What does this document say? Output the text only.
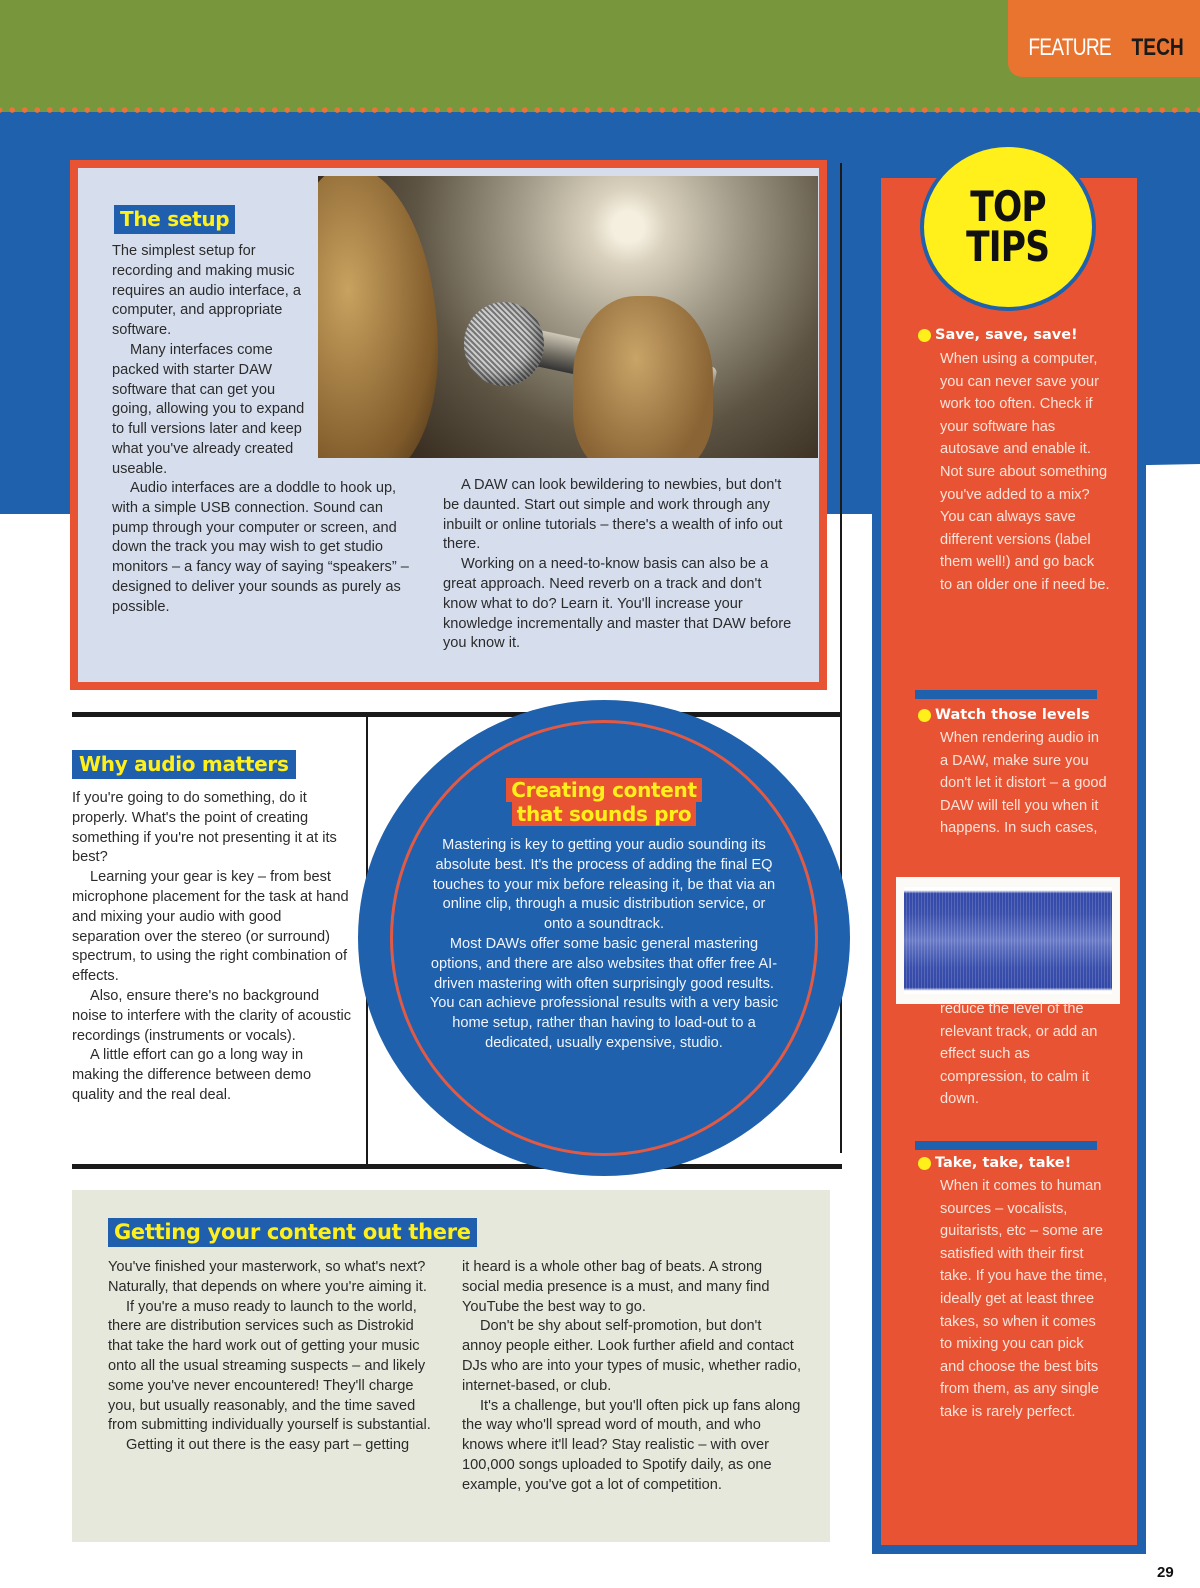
FEATURE TECH
The setup

The simplest setup for recording and making music requires an audio interface, a computer, and appropriate software.

Many interfaces come packed with starter DAW software that can get you going, allowing you to expand to full versions later and keep what you've already created useable.

Audio interfaces are a doddle to hook up, with a simple USB connection. Sound can pump through your computer or screen, and down the track you may wish to get studio monitors – a fancy way of saying “speakers” – designed to deliver your sounds as purely as possible.

A DAW can look bewildering to newbies, but don't be daunted. Start out simple and work through any inbuilt or online tutorials – there's a wealth of info out there.

Working on a need-to-know basis can also be a great approach. Need reverb on a track and don't know what to do? Learn it. You'll increase your knowledge incrementally and master that DAW before you know it.

Why audio matters

If you're going to do something, do it properly. What's the point of creating something if you're not presenting it at its best?

Learning your gear is key – from best microphone placement for the task at hand and mixing your audio with good separation over the stereo (or surround) spectrum, to using the right combination of effects.

Also, ensure there's no background noise to interfere with the clarity of acoustic recordings (instruments or vocals).

A little effort can go a long way in making the difference between demo quality and the real deal.

Creating content
that sounds pro

Mastering is key to getting your audio sounding its absolute best. It's the process of adding the final EQ touches to your mix before releasing it, be that via an online clip, through a music distribution service, or onto a soundtrack.

Most DAWs offer some basic general mastering options, and there are also websites that offer free AI-driven mastering with often surprisingly good results.

You can achieve professional results with a very basic home setup, rather than having to load-out to a dedicated, usually expensive, studio.

Getting your content out there

You've finished your masterwork, so what's next? Naturally, that depends on where you're aiming it.

If you're a muso ready to launch to the world, there are distribution services such as Distrokid that take the hard work out of getting your music onto all the usual streaming suspects – and likely some you've never encountered! They'll charge you, but usually reasonably, and the time saved from submitting individually yourself is substantial.

Getting it out there is the easy part – getting

it heard is a whole other bag of beats. A strong social media presence is a must, and many find YouTube the best way to go.

Don't be shy about self-promotion, but don't annoy people either. Look further afield and contact DJs who are into your types of music, whether radio, internet-based, or club.

It's a challenge, but you'll often pick up fans along the way who'll spread word of mouth, and who knows where it'll lead? Stay realistic – with over 100,000 songs uploaded to Spotify daily, as one example, you've got a lot of competition.

TOP
TIPS
Save, save, save!
When using a computer, you can never save your work too often. Check if your software has autosave and enable it. Not sure about something you've added to a mix? You can always save different versions (label them well!) and go back to an older one if need be.
Watch those levels
When rendering audio in a DAW, make sure you don't let it distort – a good DAW will tell you when it happens. In such cases,
reduce the level of the relevant track, or add an effect such as compression, to calm it down.
Take, take, take!
When it comes to human sources – vocalists, guitarists, etc – some are satisfied with their first take. If you have the time, ideally get at least three takes, so when it comes to mixing you can pick and choose the best bits from them, as any single take is rarely perfect.
29
